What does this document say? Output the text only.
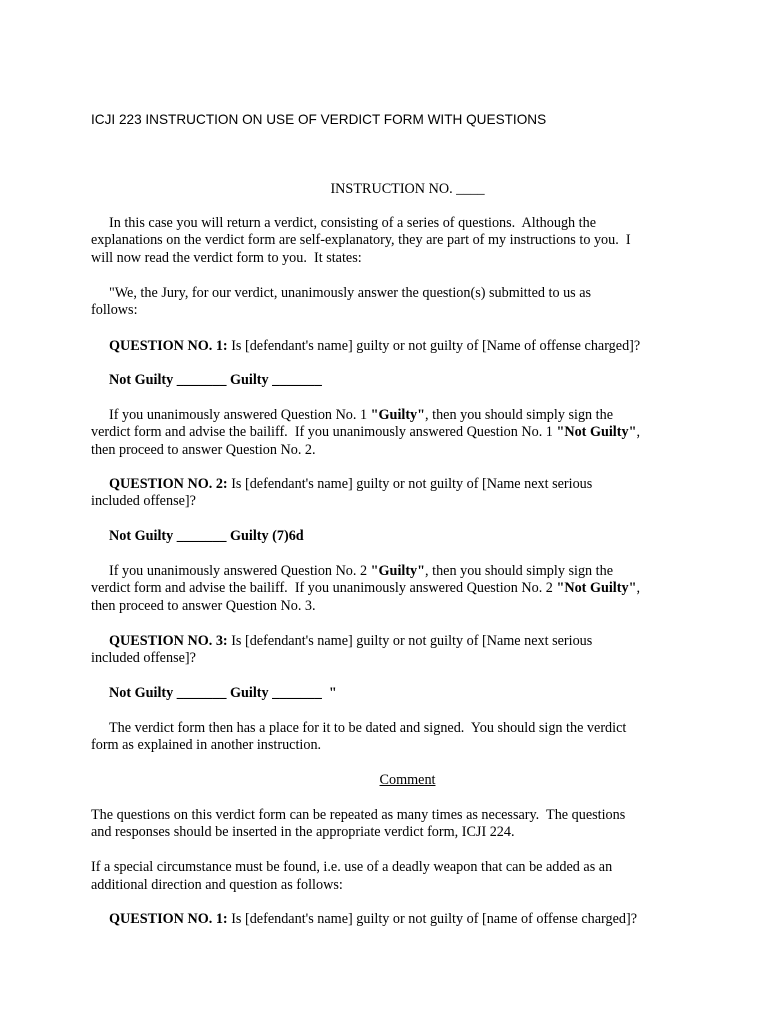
ICJI 223 INSTRUCTION ON USE OF VERDICT FORM WITH QUESTIONS
INSTRUCTION NO. ____
In this case you will return a verdict, consisting of a series of questions.  Although the
explanations on the verdict form are self-explanatory, they are part of my instructions to you.  I
will now read the verdict form to you.  It states:
"We, the Jury, for our verdict, unanimously answer the question(s) submitted to us as
follows:
QUESTION NO. 1: Is [defendant's name] guilty or not guilty of [Name of offense charged]?
Not Guilty _______ Guilty _______
If you unanimously answered Question No. 1 "Guilty", then you should simply sign the
verdict form and advise the bailiff.  If you unanimously answered Question No. 1 "Not Guilty",
then proceed to answer Question No. 2.
QUESTION NO. 2: Is [defendant's name] guilty or not guilty of [Name next serious
included offense]?
Not Guilty _______ Guilty (7)6d
If you unanimously answered Question No. 2 "Guilty", then you should simply sign the
verdict form and advise the bailiff.  If you unanimously answered Question No. 2 "Not Guilty",
then proceed to answer Question No. 3.
QUESTION NO. 3: Is [defendant's name] guilty or not guilty of [Name next serious
included offense]?
Not Guilty _______ Guilty _______  "
The verdict form then has a place for it to be dated and signed.  You should sign the verdict
form as explained in another instruction.
Comment
The questions on this verdict form can be repeated as many times as necessary.  The questions
and responses should be inserted in the appropriate verdict form, ICJI 224.
If a special circumstance must be found, i.e. use of a deadly weapon that can be added as an
additional direction and question as follows:
QUESTION NO. 1: Is [defendant's name] guilty or not guilty of [name of offense charged]?
